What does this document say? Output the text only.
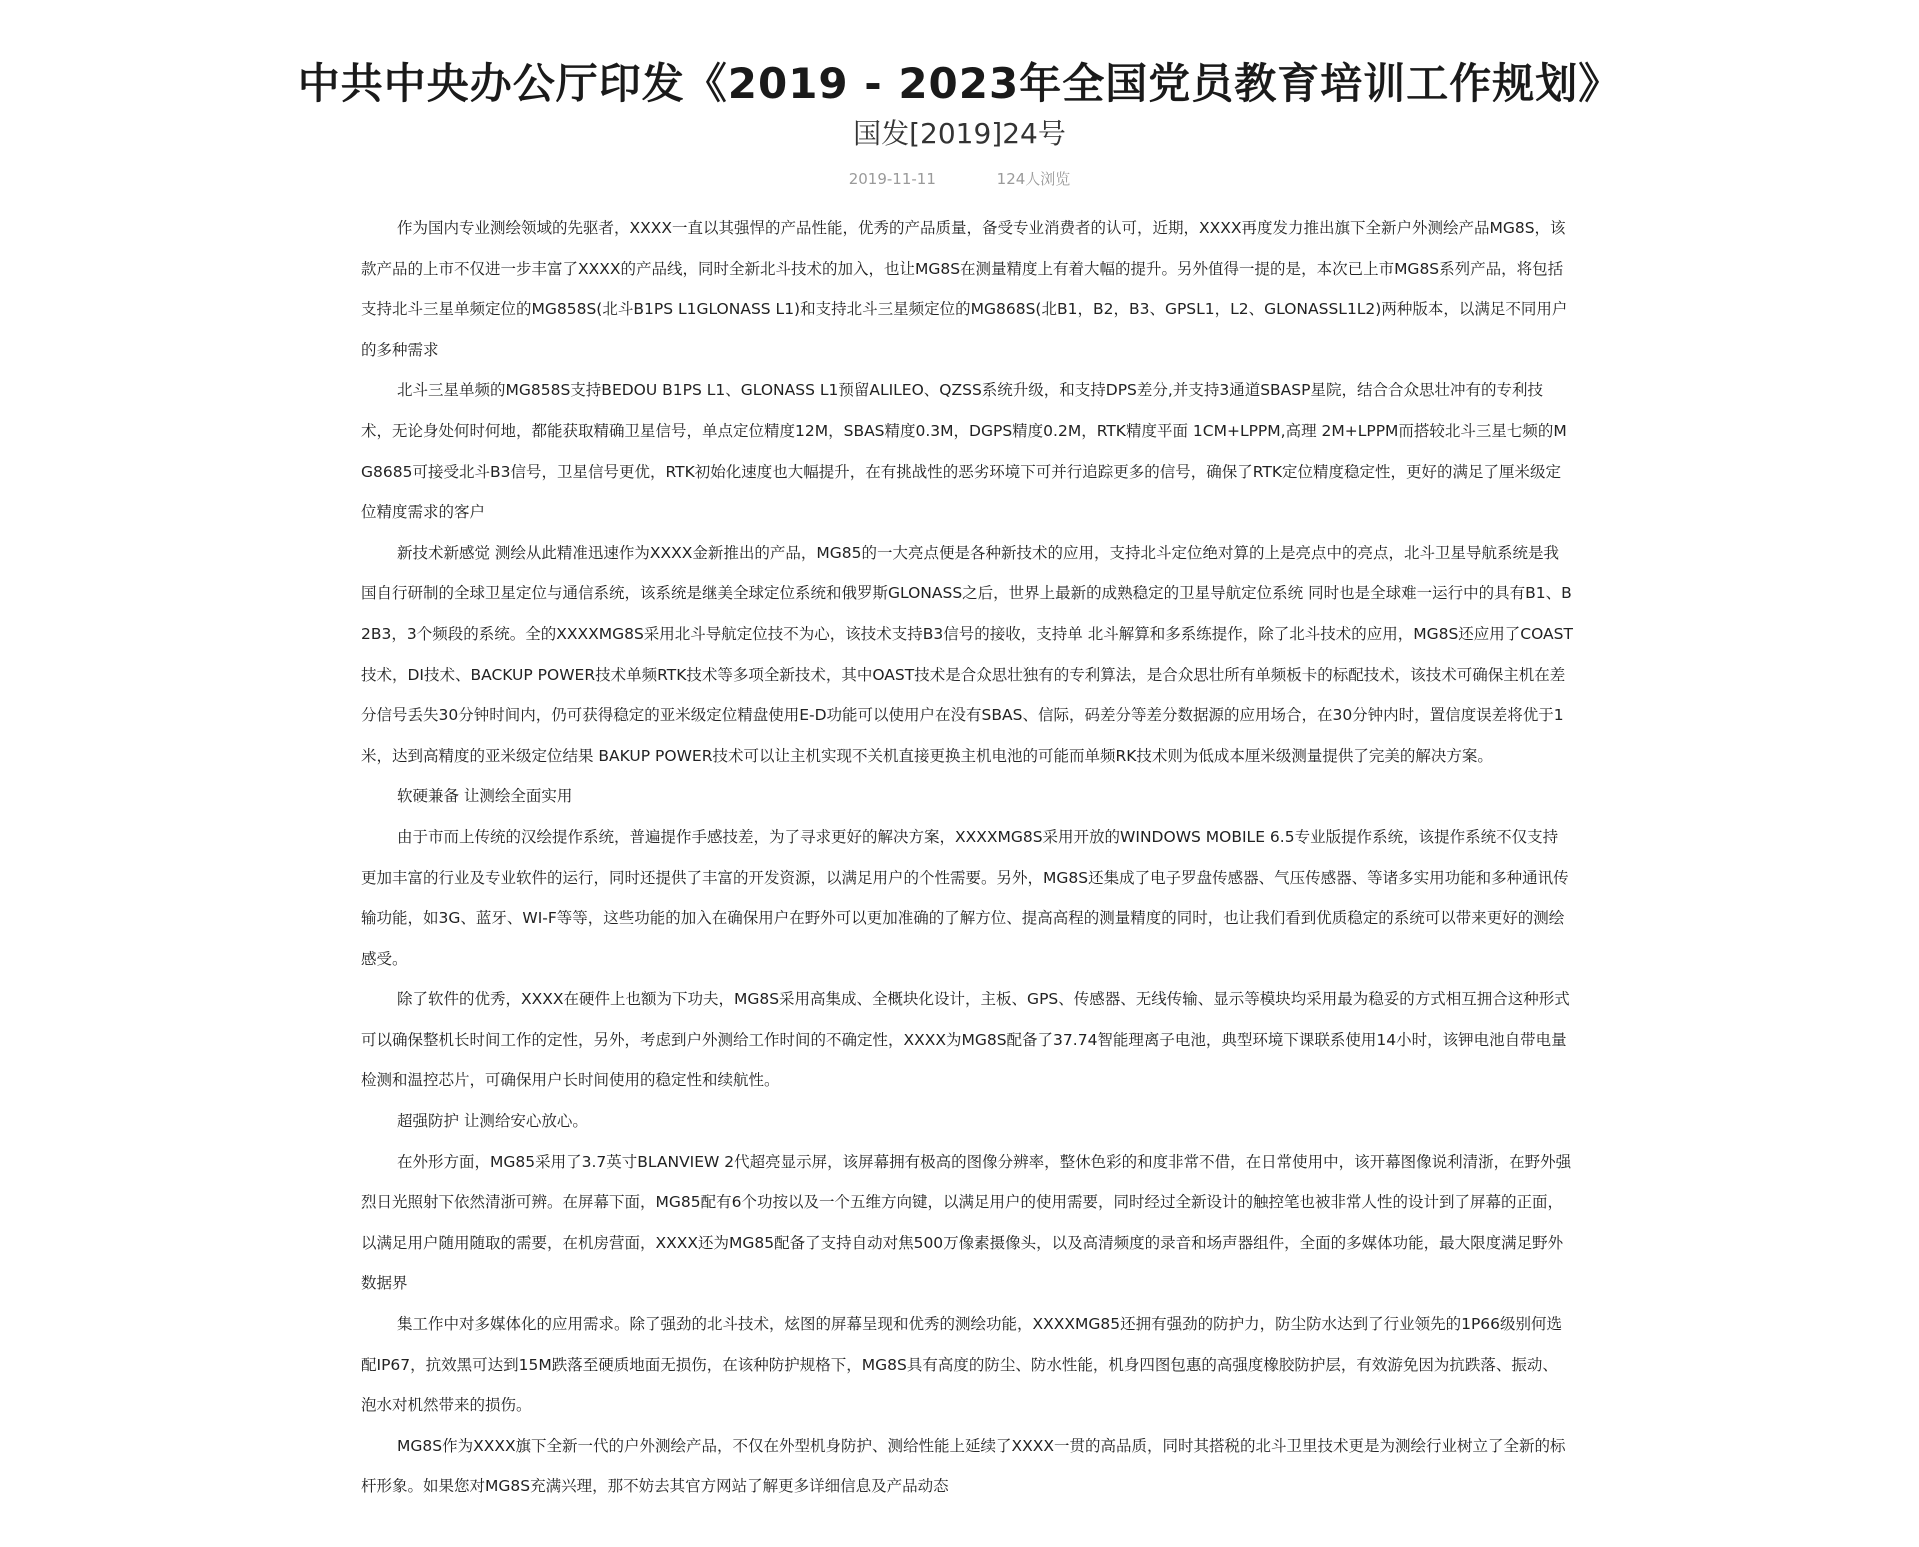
中共中央办公厅印发《2019 - 2023年全国党员教育培训工作规划》
国发[2019]24号
2019-11-11	124人浏览

作为国内专业测绘领域的先驱者，XXXX一直以其强悍的产品性能，优秀的产品质量，备受专业消费者的认可，近期，XXXX再度发力推出旗下全新户外测绘产品MG8S，该款产品的上市不仅进一步丰富了XXXX的产品线，同时全新北斗技术的加入，也让MG8S在测量精度上有着大幅的提升。另外值得一提的是，本次已上市MG8S系列产品，将包括支持北斗三星单频定位的MG858S(北斗B1PS L1GLONASS L1)和支持北斗三星频定位的MG868S(北B1，B2，B3、GPSL1，L2、GLONASSL1L2)两种版本，以满足不同用户的多种需求

北斗三星单频的MG858S支持BEDOU B1PS L1、GLONASS L1预留ALILEO、QZSS系统升级，和支持DPS差分,并支持3通道SBASP星院，结合合众思壮冲有的专利技术，无论身处何时何地，都能获取精确卫星信号，单点定位精度12M，SBAS精度0.3M，DGPS精度0.2M，RTK精度平面 1CM+LPPM,高理 2M+LPPM而搭较北斗三星七频的MG8685可接受北斗B3信号，卫星信号更优，RTK初始化速度也大幅提升，在有挑战性的恶劣环境下可并行追踪更多的信号，确保了RTK定位精度稳定性，更好的满足了厘米级定位精度需求的客户

新技术新感觉 测绘从此精准迅速作为XXXX金新推出的产品，MG85的一大亮点便是各种新技术的应用，支持北斗定位绝对算的上是亮点中的亮点，北斗卫星导航系统是我国自行研制的全球卫星定位与通信系统，该系统是继美全球定位系统和俄罗斯GLONASS之后，世界上最新的成熟稳定的卫星导航定位系统 同时也是全球难一运行中的具有B1、B2B3，3个频段的系统。全的XXXXMG8S采用北斗导航定位技不为心，该技术支持B3信号的接收，支持单 北斗解算和多系练提作，除了北斗技术的应用，MG8S还应用了COAST技术，DI技术、BACKUP POWER技术单频RTK技术等多项全新技术，其中OAST技术是合众思壮独有的专利算法，是合众思壮所有单频板卡的标配技术，该技术可确保主机在差分信号丢失30分钟时间内，仍可获得稳定的亚米级定位精盘使用E-D功能可以使用户在没有SBAS、信际，码差分等差分数据源的应用场合，在30分钟内时，置信度误差将优于1米，达到高精度的亚米级定位结果 BAKUP POWER技术可以让主机实现不关机直接更换主机电池的可能而单频RK技术则为低成本厘米级测量提供了完美的解决方案。

软硬兼备 让测绘全面实用

由于市而上传统的汉绘提作系统，普遍提作手感技差，为了寻求更好的解决方案，XXXXMG8S采用开放的WINDOWS MOBILE 6.5专业版提作系统，该提作系统不仅支持更加丰富的行业及专业软件的运行，同时还提供了丰富的开发资源，以满足用户的个性需要。另外，MG8S还集成了电子罗盘传感器、气压传感器、等诸多实用功能和多种通讯传输功能，如3G、蓝牙、WI-F等等，这些功能的加入在确保用户在野外可以更加准确的了解方位、提高高程的测量精度的同时，也让我们看到优质稳定的系统可以带来更好的测绘感受。

除了软件的优秀，XXXX在硬件上也额为下功夫，MG8S采用高集成、全概块化设计，主板、GPS、传感器、无线传输、显示等模块均采用最为稳妥的方式相互拥合这种形式可以确保整机长时间工作的定性，另外，考虑到户外测给工作时间的不确定性，XXXX为MG8S配备了37.74智能理离子电池，典型环境下课联系使用14小时，该钾电池自带电量检测和温控芯片，可确保用户长时间使用的稳定性和续航性。

超强防护 让测给安心放心。

在外形方面，MG85采用了3.7英寸BLANVIEW 2代超亮显示屏，该屏幕拥有极高的图像分辨率，整休色彩的和度非常不借，在日常使用中，该开幕图像说利清浙，在野外强烈日光照射下依然清浙可辨。在屏幕下面，MG85配有6个功按以及一个五维方向键，以满足用户的使用需要，同时经过全新设计的触控笔也被非常人性的设计到了屏幕的正面，以满足用户随用随取的需要，在机房营面，XXXX还为MG85配备了支持自动对焦500万像素摄像头，以及高清频度的录音和场声器组件，全面的多媒体功能，最大限度满足野外数据界

集工作中对多媒体化的应用需求。除了强劲的北斗技术，炫图的屏幕呈现和优秀的测绘功能，XXXXMG85还拥有强劲的防护力，防尘防水达到了行业领先的1P66级别何选配IP67，抗效黑可达到15M跌落至硬质地面无损伤，在该种防护规格下，MG8S具有高度的防尘、防水性能，机身四图包惠的高强度橡胶防护层，有效游免因为抗跌落、振动、泡水对机然带来的损伤。

MG8S作为XXXX旗下全新一代的户外测绘产品，不仅在外型机身防护、测给性能上延续了XXXX一贯的高品质，同时其搭税的北斗卫里技术更是为测绘行业树立了全新的标杆形象。如果您对MG8S充满兴理，那不妨去其官方网站了解更多详细信息及产品动态
